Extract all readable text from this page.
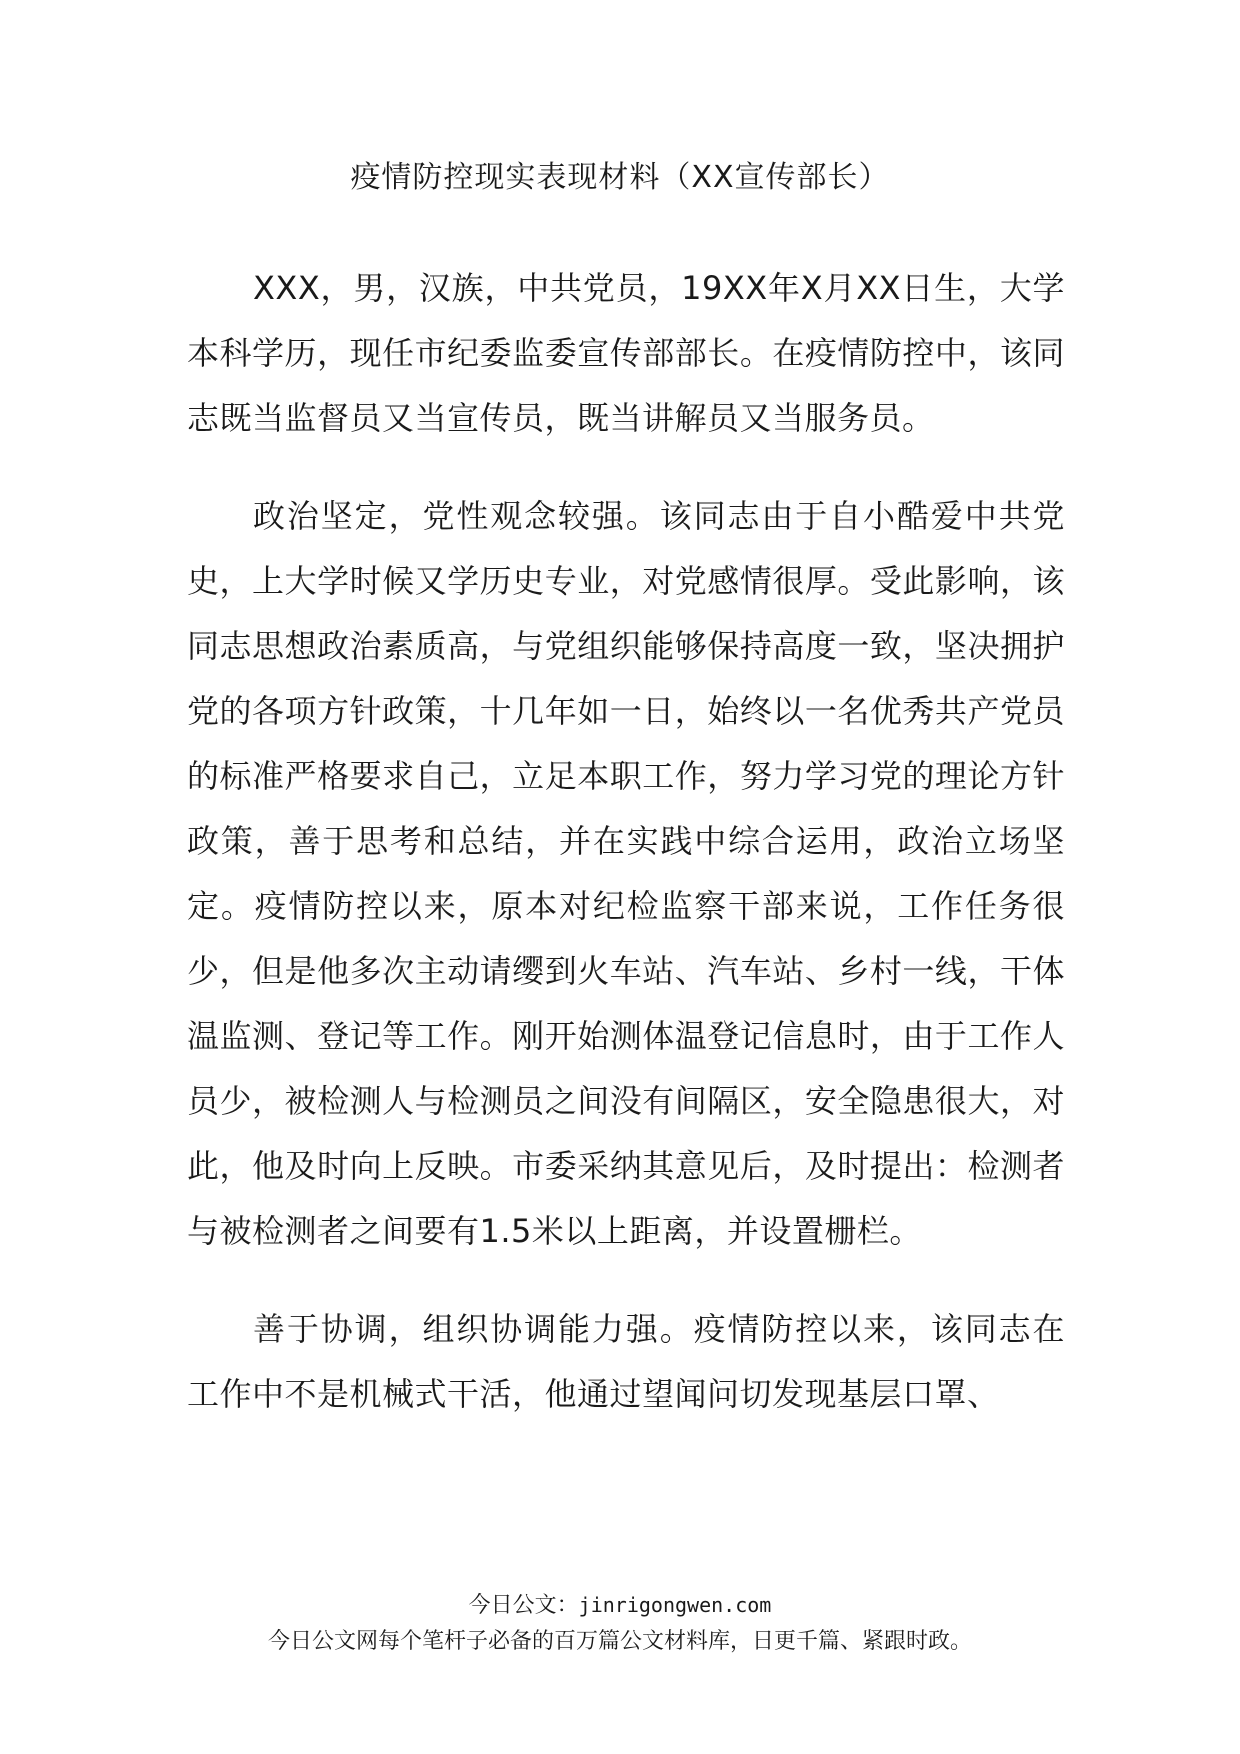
疫情防控现实表现材料（XX宣传部长）

XXX，男，汉族，中共党员，19XX年X月XX日生，大学本科学历，现任市纪委监委宣传部部长。在疫情防控中，该同志既当监督员又当宣传员，既当讲解员又当服务员。

政治坚定，党性观念较强。该同志由于自小酷爱中共党史，上大学时候又学历史专业，对党感情很厚。受此影响，该同志思想政治素质高，与党组织能够保持高度一致，坚决拥护党的各项方针政策，十几年如一日，始终以一名优秀共产党员的标准严格要求自己，立足本职工作，努力学习党的理论方针政策，善于思考和总结，并在实践中综合运用，政治立场坚定。疫情防控以来，原本对纪检监察干部来说，工作任务很少，但是他多次主动请缨到火车站、汽车站、乡村一线，干体温监测、登记等工作。刚开始测体温登记信息时，由于工作人员少，被检测人与检测员之间没有间隔区，安全隐患很大，对此，他及时向上反映。市委采纳其意见后，及时提出：检测者与被检测者之间要有1.5米以上距离，并设置栅栏。

善于协调，组织协调能力强。疫情防控以来，该同志在工作中不是机械式干活，他通过望闻问切发现基层口罩、

今日公文：jinrigongwen.com
今日公文网每个笔杆子必备的百万篇公文材料库，日更千篇、紧跟时政。
